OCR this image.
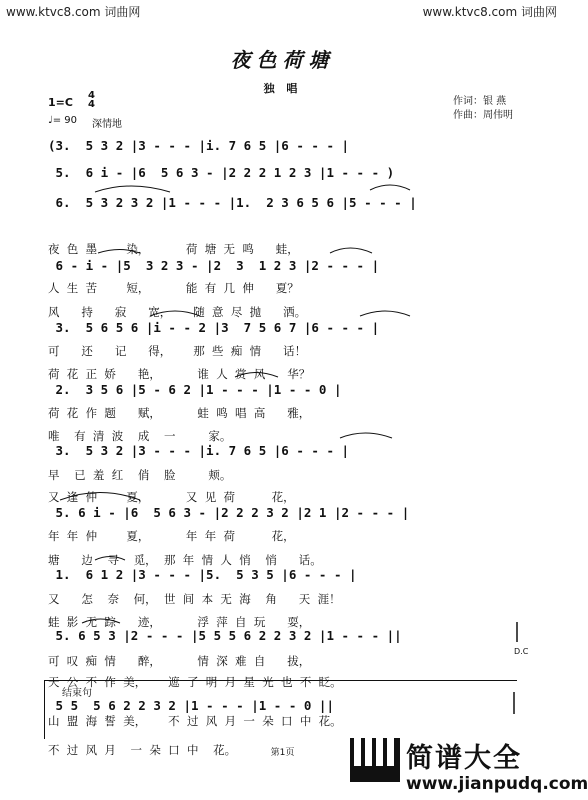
www.ktvc8.com 词曲网	www.ktvc8.com 词曲网
夜色荷塘
独 唱
1=C
4
4
♩= 90 深情地
作词：银 燕
作曲：周伟明
(3.  5 3 2 |3 - - - |i. 7 6 5 |6 - - - |
5.  6 i - |6  5 6 3 - |2 2 2 1 2 3 |1 - - - )
6.  5 3 2 3 2 |1 - - - |1.  2 3 6 5 6 |5 - - - |
6 - i - |5  3 2 3 - |2  3  1 2 3 |2 - - - |
3.  5 6 5 6 |i - - 2 |3  7 5 6 7 |6 - - - |
2.  3 5 6 |5 - 6 2 |1 - - - |1 - - 0 |
3.  5 3 2 |3 - - - |i. 7 6 5 |6 - - - |
5. 6 i - |6  5 6 3 - |2 2 2 3 2 |2 1 |2 - - - |
1.  6 1 2 |3 - - - |5.  5 3 5 |6 - - - |
5. 6 5 3 |2 - - - |5 5 5 6 2 2 3 2 |1 - - - ||
5 5  5 6 2 2 3 2 |1 - - - |1 - - 0 ||

夜  色  墨        染，          荷  塘  无  鸣      蛙，

人  生  苦        短，          能  有  几  伸      夏？

风      持      寂      宽，      随  意  尽  抛      洒。

可      还      记      得，      那  些  痴  情      话！

荷  花  正  娇      艳，          谁  人  赏  风      华？

荷  花  作  题      赋，          蛙  鸣  唱  高      雅，

唯    有  清  波    成    一         家。

早    已  羞  红    俏    脸         颊。

又  逢  仲        夏，          又  见  荷          花，

年  年  仲        夏，          年  年  荷          花，

塘      边    寻    觅，  那  年  情  人  悄    悄      话。

又      怎    奈    何，  世  间  本  无  海    角      天  涯！

蛙  影  无  踪      迹，          浮  萍  自  玩      耍，

可  叹  痴  情      醉，          情  深  难  自      拔，

天  公  不  作  美，      遮  了  明  月  星  光  也  不  眨。

山  盟  海  誓  美，      不  过  风  月  一  朵  口  中  花。

不  过  风  月    一  朵  口  中    花。

结束句
D.C
第1页	简谱大全
www.jianpudq.com
